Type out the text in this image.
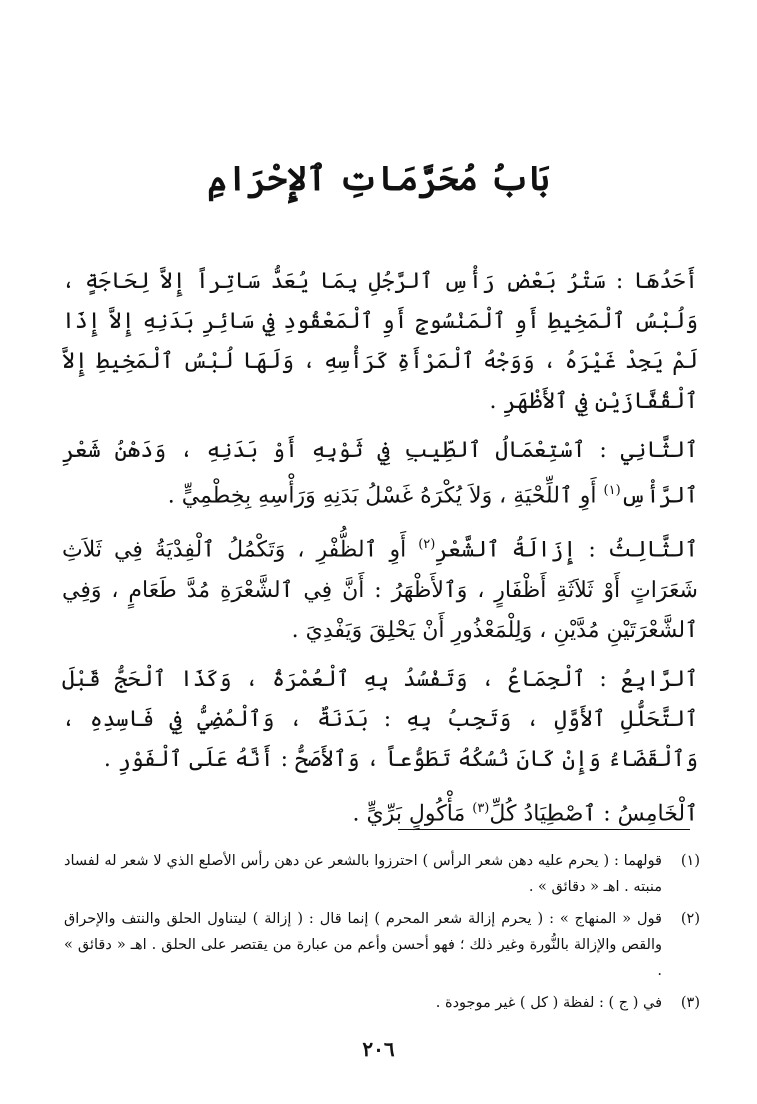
بَابُ مُحَرَّمَاتِ ٱلإِحْرَامِ

أَحَدُهَا : سَتْرُ بَعْضِ رَأْسِ ٱلرَّجُلِ بِمَا يُعَدُّ سَاتِراً إِلاَّ لِحَاجَةٍ ، وَلُبْسُ ٱلْمَخِيطِ أَوِ ٱلْمَنْسُوجِ أَوِ ٱلْمَعْقُودِ فِي سَائِرِ بَدَنِهِ إِلاَّ إِذَا لَمْ يَجِدْ غَيْرَهُ ، وَوَجْهُ ٱلْمَرْأَةِ كَرَأْسِهِ ، وَلَهَا لُبْسُ ٱلْمَخِيطِ إِلاَّ ٱلْقُفَّازَيْنِ فِي ٱلأَظْهَرِ .

ٱلثَّانِي : ٱسْتِعْمَالُ ٱلطِّيبِ فِي ثَوْبِهِ أَوْ بَدَنِهِ ، وَدَهْنُ شَعْرِ ٱلرَّأْسِ$^{(١)}$ أَوِ ٱللِّحْيَةِ ، وَلاَ يُكْرَهُ غَسْلُ بَدَنِهِ وَرَأْسِهِ بِخِطْمِيٍّ .

ٱلثَّالِثُ : إِزَالَةُ ٱلشَّعْرِ$^{(٢)}$ أَوِ ٱلظُّفْرِ ، وَتَكْمُلُ ٱلْفِدْيَةُ فِي ثَلاَثِ شَعَرَاتٍ أَوْ ثَلاَثَةِ أَظْفَارٍ ، وَٱلأَظْهَرُ : أَنَّ فِي ٱلشَّعْرَةِ مُدَّ طَعَامٍ ، وَفِي ٱلشَّعْرَتَيْنِ مُدَّيْنِ ، وَلِلْمَعْذُورِ أَنْ يَحْلِقَ وَيَفْدِيَ .

ٱلرَّابِعُ : ٱلْجِمَاعُ ، وَتَفْسُدُ بِهِ ٱلْعُمْرَةُ ، وَكَذَا ٱلْحَجُّ قَبْلَ ٱلتَّحَلُّلِ ٱلأَوَّلِ ، وَتَجِبُ بِهِ : بَدَنَةٌ ، وَٱلْمُضِيُّ فِي فَاسِدِهِ ، وَٱلْقَضَاءُ وَإِنْ كَانَ نُسُكُهُ تَطَوُّعاً ، وَٱلأَصَحُّ : أَنَّهُ عَلَى ٱلْفَوْرِ .

ٱلْخَامِسُ : ٱصْطِيَادُ كُلِّ$^{(٣)}$ مَأْكُولٍ بَرِّيٍّ .

(١)
قولهما : ( يحرم عليه دهن شعر الرأس ) احترزوا بالشعر عن دهن رأس الأصلع الذي لا شعر له لفساد منبته . اهـ « دقائق » .
(٢)
قول « المنهاج » : ( يحرم إزالة شعر المحرم ) إنما قال : ( إزالة ) ليتناول الحلق والنتف والإحراق والقص والإزالة بالنُّورة وغير ذلك ؛ فهو أحسن وأعم من عبارة من يقتصر على الحلق . اهـ « دقائق » .
(٣)
في ( ج ) : لفظة ( كل ) غير موجودة .
٢٠٦
